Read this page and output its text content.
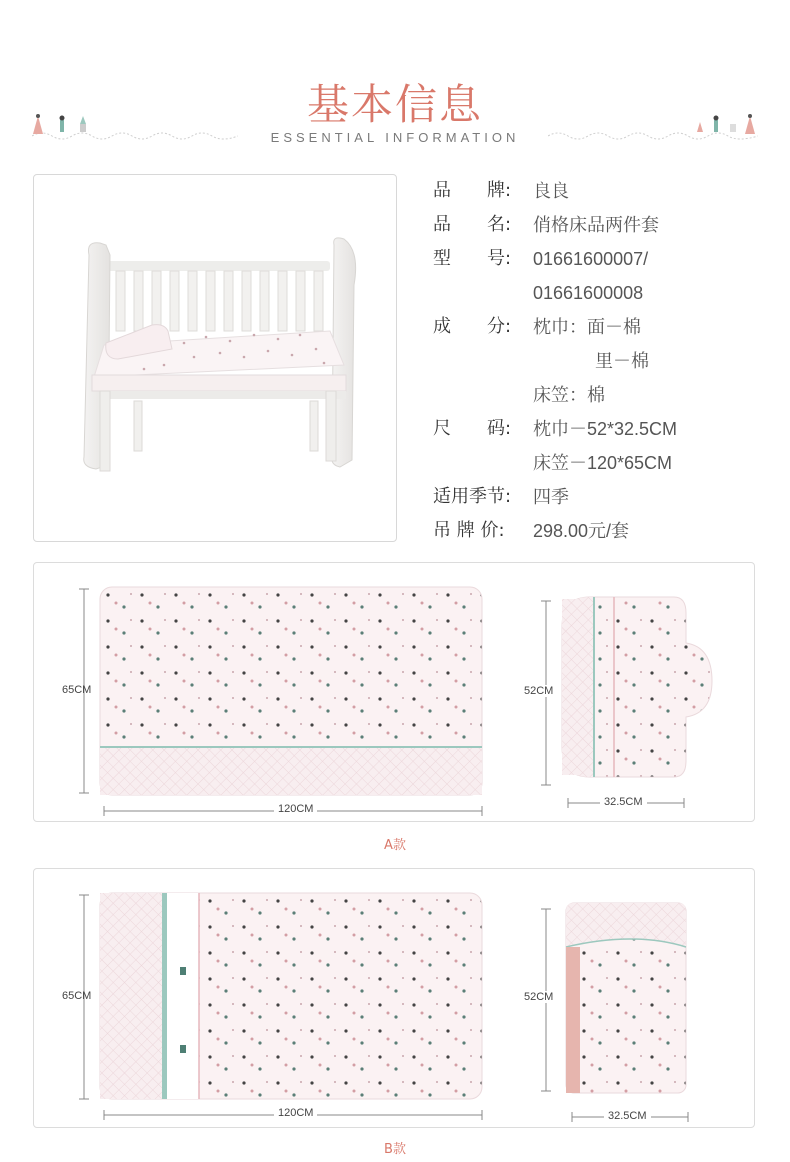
基本信息
ESSENTIAL INFORMATION
品　　牌: 良良
品　　名: 俏格床品两件套
型　　号: 01661600007/
01661600008
成　　分: 枕巾：面－棉
里－棉
床笠：棉
尺　　码: 枕巾－52*32.5CM
床笠－120*65CM
适用季节: 四季
吊 牌 价: 298.00元/套
65CM
120CM
52CM
32.5CM
A款
65CM
120CM
52CM
32.5CM
B款
